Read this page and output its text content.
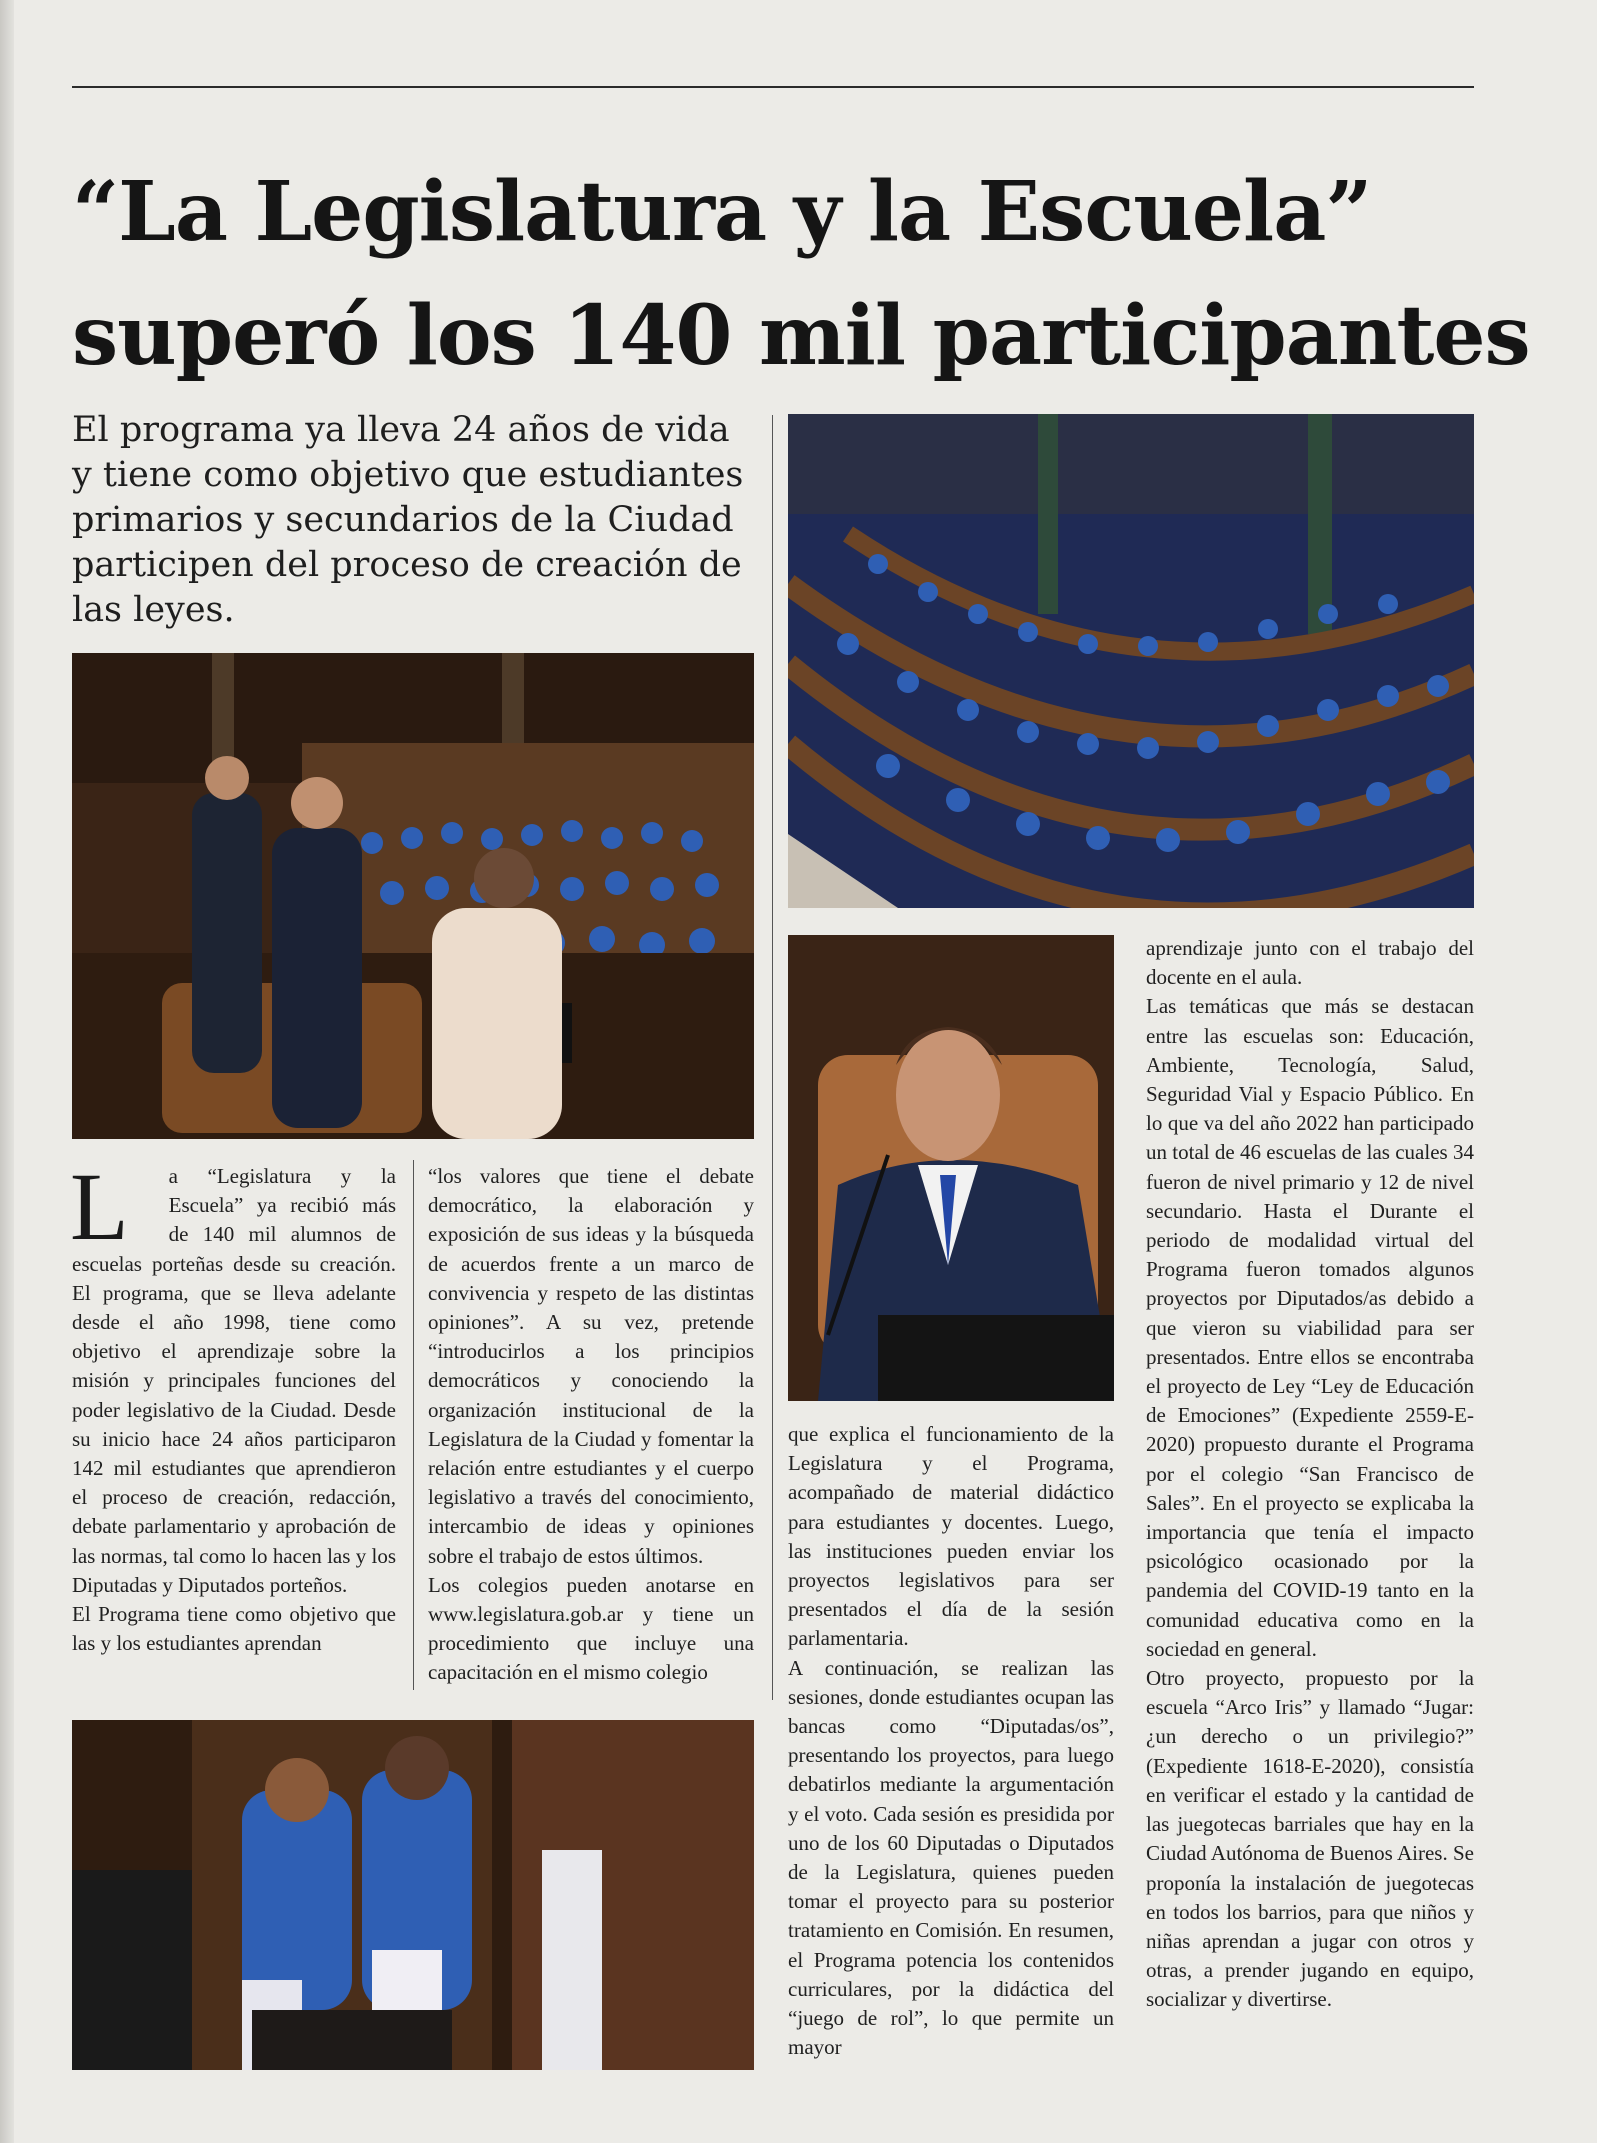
“La Legislatura y la Escuela”
superó los 140 mil participantes

El programa ya lleva 24 años de vida y tiene como objetivo que estudiantes primarios y secundarios de la Ciudad participen del proceso de creación de las leyes.

L a “Legislatura y la Escuela” ya recibió más de 140 mil alumnos de escuelas porteñas desde su creación. El programa, que se lleva adelante desde el año 1998, tiene como objetivo el aprendizaje sobre la misión y principales funciones del poder legislativo de la Ciudad. Desde su inicio hace 24 años participaron 142 mil estudiantes que aprendieron el proceso de creación, redacción, debate parlamentario y aprobación de las normas, tal como lo hacen las y los Diputadas y Diputados porteños.

El Programa tiene como objetivo que las y los estudiantes aprendan

“los valores que tiene el debate democrático, la elaboración y exposición de sus ideas y la búsqueda de acuerdos frente a un marco de convivencia y respeto de las distintas opiniones”. A su vez, pretende “introducirlos a los principios democráticos y conociendo la organización institucional de la Legislatura de la Ciudad y fomentar la relación entre estudiantes y el cuerpo legislativo a través del conocimiento, intercambio de ideas y opiniones sobre el trabajo de estos últimos.

Los colegios pueden anotarse en www.legislatura.gob.ar y tiene un procedimiento que incluye una capacitación en el mismo colegio

que explica el funcionamiento de la Legislatura y el Programa, acompañado de material didáctico para estudiantes y docentes. Luego, las instituciones pueden enviar los proyectos legislativos para ser presentados el día de la sesión parlamentaria.

A continuación, se realizan las sesiones, donde estudiantes ocupan las bancas como “Diputadas/os”, presentando los proyectos, para luego debatirlos mediante la argumentación y el voto. Cada sesión es presidida por uno de los 60 Diputadas o Diputados de la Legislatura, quienes pueden tomar el proyecto para su posterior tratamiento en Comisión. En resumen, el Programa potencia los contenidos curriculares, por la didáctica del “juego de rol”, lo que permite un mayor

aprendizaje junto con el trabajo del docente en el aula.

Las temáticas que más se destacan entre las escuelas son: Educación, Ambiente, Tecnología, Salud, Seguridad Vial y Espacio Público. En lo que va del año 2022 han participado un total de 46 escuelas de las cuales 34 fueron de nivel primario y 12 de nivel secundario. Hasta el Durante el periodo de modalidad virtual del Programa fueron tomados algunos proyectos por Diputados/as debido a que vieron su viabilidad para ser presentados. Entre ellos se encontraba el proyecto de Ley “Ley de Educación de Emociones” (Expediente 2559-E-2020) propuesto durante el Programa por el colegio “San Francisco de Sales”. En el proyecto se explicaba la importancia que tenía el impacto psicológico ocasionado por la pandemia del COVID-19 tanto en la comunidad educativa como en la sociedad en general.

Otro proyecto, propuesto por la escuela “Arco Iris” y llamado “Jugar: ¿un derecho o un privilegio?” (Expediente 1618-E-2020), consistía en verificar el estado y la cantidad de las juegotecas barriales que hay en la Ciudad Autónoma de Buenos Aires. Se proponía la instalación de juegotecas en todos los barrios, para que niños y niñas aprendan a jugar con otros y otras, a prender jugando en equipo, socializar y divertirse.
